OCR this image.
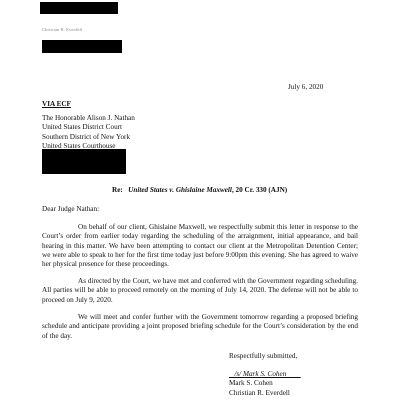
Christian R. Everdell
July 6, 2020
VIA ECF
The Honorable Alison J. Nathan
United States District Court
Southern District of New York
United States Courthouse
Re: United States v. Ghislaine Maxwell, 20 Cr. 330 (AJN)
Dear Judge Nathan:

On behalf of our client, Ghislaine Maxwell, we respectfully submit this letter in response to the Court’s order from earlier today regarding the scheduling of the arraignment, initial appearance, and bail hearing in this matter. We have been attempting to contact our client at the Metropolitan Detention Center; we were able to speak to her for the first time today just before 9:00pm this evening. She has agreed to waive her physical presence for these proceedings.

As directed by the Court, we have met and conferred with the Government regarding scheduling. All parties will be able to proceed remotely on the morning of July 14, 2020. The defense will not be able to proceed on July 9, 2020.

We will meet and confer further with the Government tomorrow regarding a proposed briefing schedule and anticipate providing a joint proposed briefing schedule for the Court’s consideration by the end of the day.

Respectfully submitted,
/s/ Mark S. Cohen
Mark S. Cohen
Christian R. Everdell
